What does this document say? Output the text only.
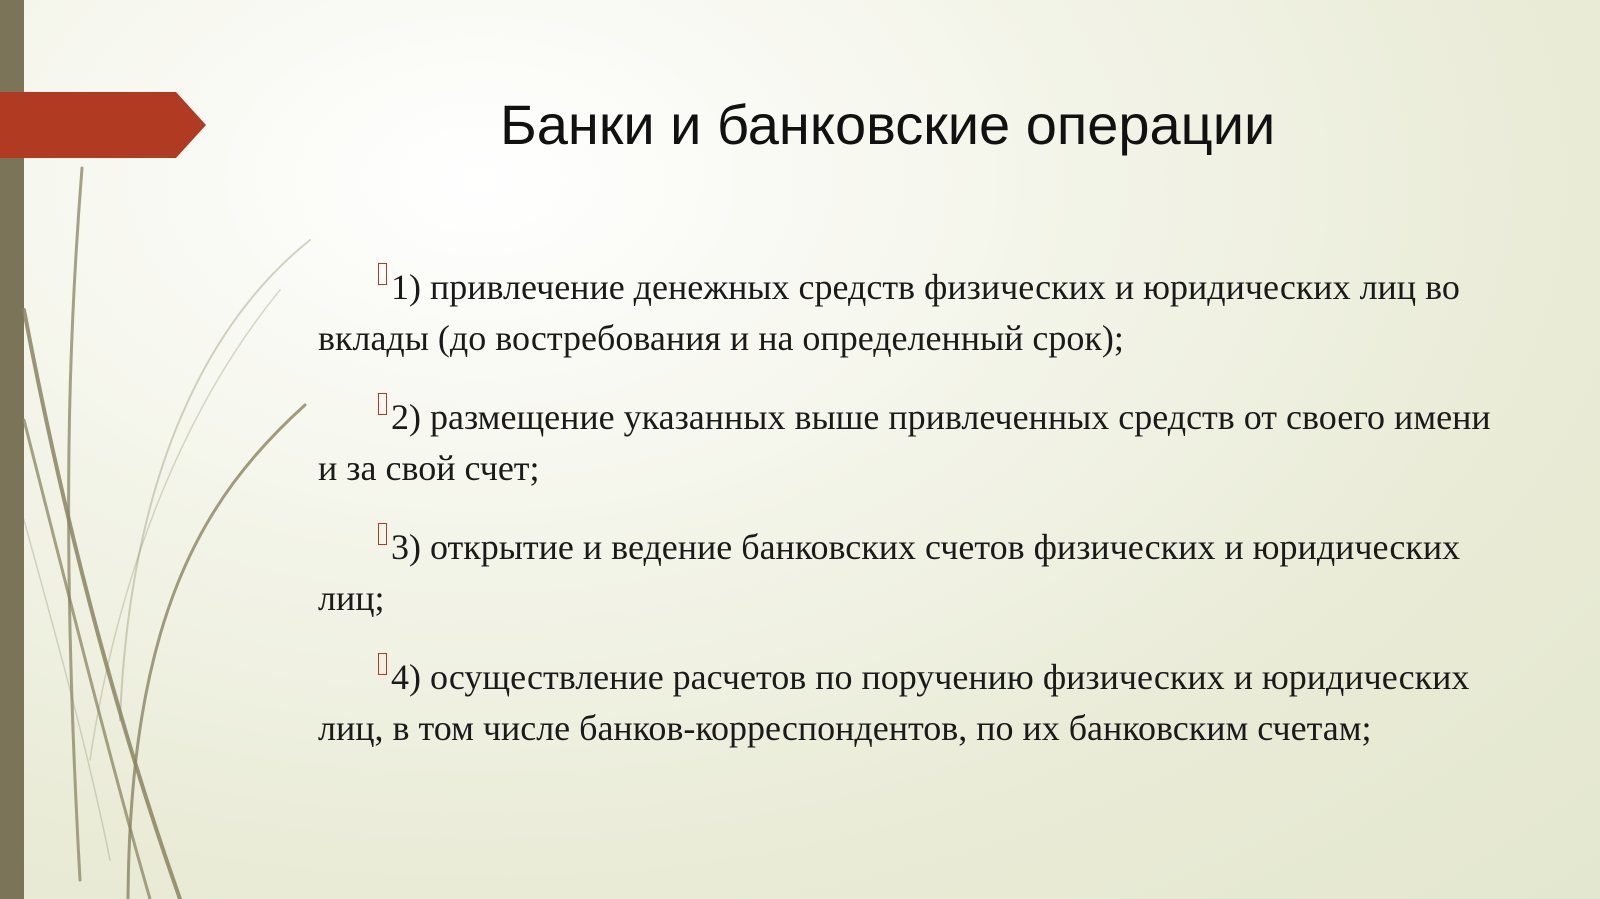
Банки и банковские операции
1) привлечение денежных средств физических и юридических лиц во вклады (до востребования и на определенный срок);
2) размещение указанных выше привлеченных средств от своего имени и за свой счет;
3) открытие и ведение банковских счетов физических и юридических лиц;
4) осуществление расчетов по поручению физических и юридических лиц, в том числе банков-корреспондентов, по их банковским счетам;
